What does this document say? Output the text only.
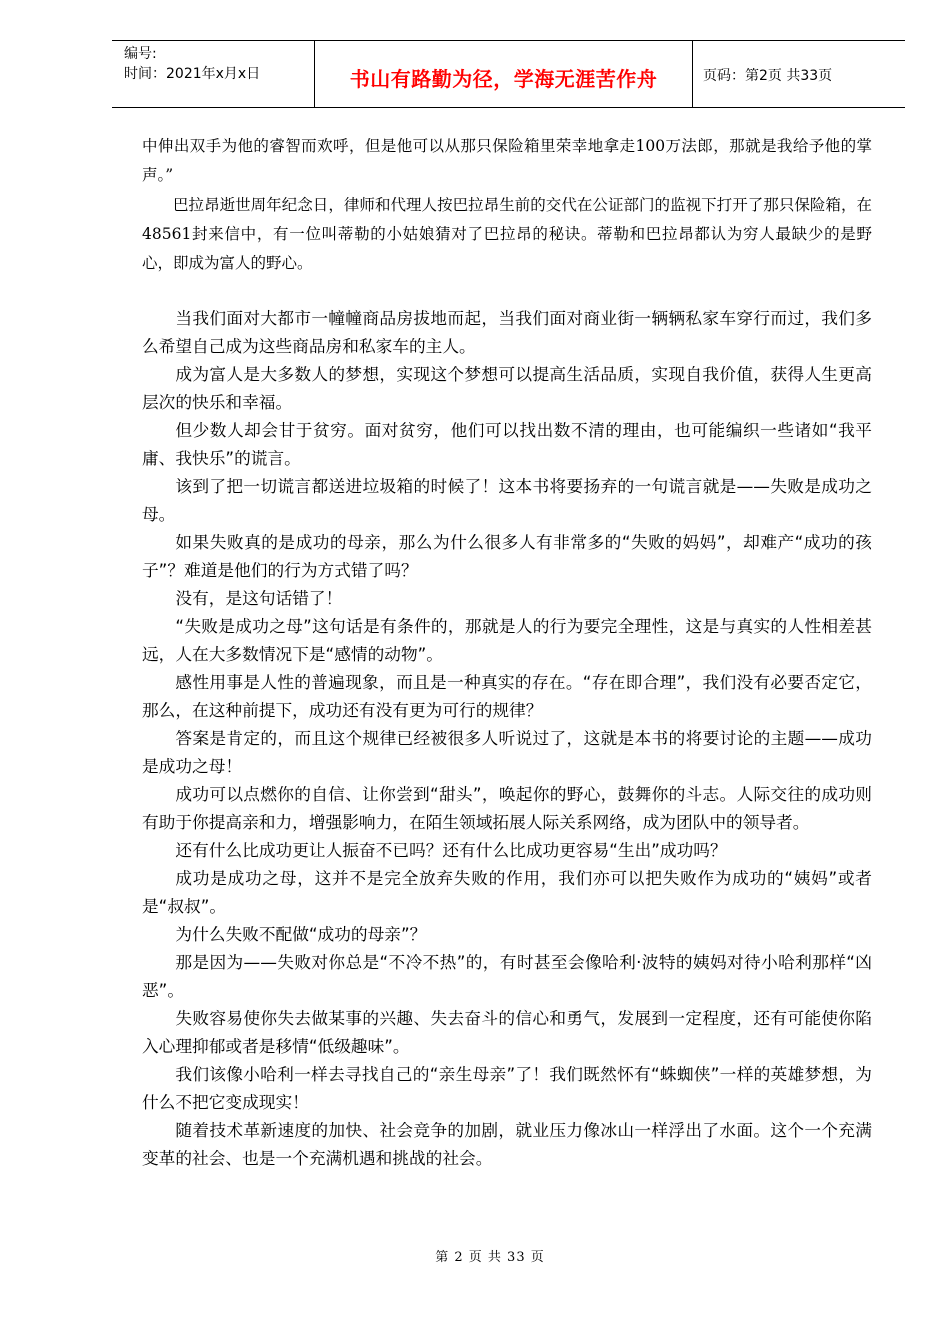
编号:
时间：2021年x月x日	书山有路勤为径，学海无涯苦作舟	页码：第2页 共33页

中伸出双手为他的睿智而欢呼，但是他可以从那只保险箱里荣幸地拿走100万法郎，那就是我给予他的掌声。”

巴拉昂逝世周年纪念日，律师和代理人按巴拉昂生前的交代在公证部门的监视下打开了那只保险箱，在48561封来信中，有一位叫蒂勒的小姑娘猜对了巴拉昂的秘诀。蒂勒和巴拉昂都认为穷人最缺少的是野心，即成为富人的野心。

当我们面对大都市一幢幢商品房拔地而起，当我们面对商业街一辆辆私家车穿行而过，我们多么希望自己成为这些商品房和私家车的主人。

成为富人是大多数人的梦想，实现这个梦想可以提高生活品质，实现自我价值，获得人生更高层次的快乐和幸福。

但少数人却会甘于贫穷。面对贫穷，他们可以找出数不清的理由，也可能编织一些诸如“我平庸、我快乐”的谎言。

该到了把一切谎言都送进垃圾箱的时候了！这本书将要扬弃的一句谎言就是——失败是成功之母。

如果失败真的是成功的母亲，那么为什么很多人有非常多的“失败的妈妈”，却难产“成功的孩子”？难道是他们的行为方式错了吗？

没有，是这句话错了！

“失败是成功之母”这句话是有条件的，那就是人的行为要完全理性，这是与真实的人性相差甚远，人在大多数情况下是“感情的动物”。

感性用事是人性的普遍现象，而且是一种真实的存在。“存在即合理”，我们没有必要否定它，那么，在这种前提下，成功还有没有更为可行的规律？

答案是肯定的，而且这个规律已经被很多人听说过了，这就是本书的将要讨论的主题——成功是成功之母！

成功可以点燃你的自信、让你尝到“甜头”，唤起你的野心，鼓舞你的斗志。人际交往的成功则有助于你提高亲和力，增强影响力，在陌生领域拓展人际关系网络，成为团队中的领导者。

还有什么比成功更让人振奋不已吗？还有什么比成功更容易“生出”成功吗？

成功是成功之母，这并不是完全放弃失败的作用，我们亦可以把失败作为成功的“姨妈”或者是“叔叔”。

为什么失败不配做“成功的母亲”？

那是因为——失败对你总是“不冷不热”的，有时甚至会像哈利·波特的姨妈对待小哈利那样“凶恶”。

失败容易使你失去做某事的兴趣、失去奋斗的信心和勇气，发展到一定程度，还有可能使你陷入心理抑郁或者是移情“低级趣味”。

我们该像小哈利一样去寻找自己的“亲生母亲”了！我们既然怀有“蛛蜘侠”一样的英雄梦想，为什么不把它变成现实！

随着技术革新速度的加快、社会竞争的加剧，就业压力像冰山一样浮出了水面。这个一个充满变革的社会、也是一个充满机遇和挑战的社会。

第 2 页 共 33 页
